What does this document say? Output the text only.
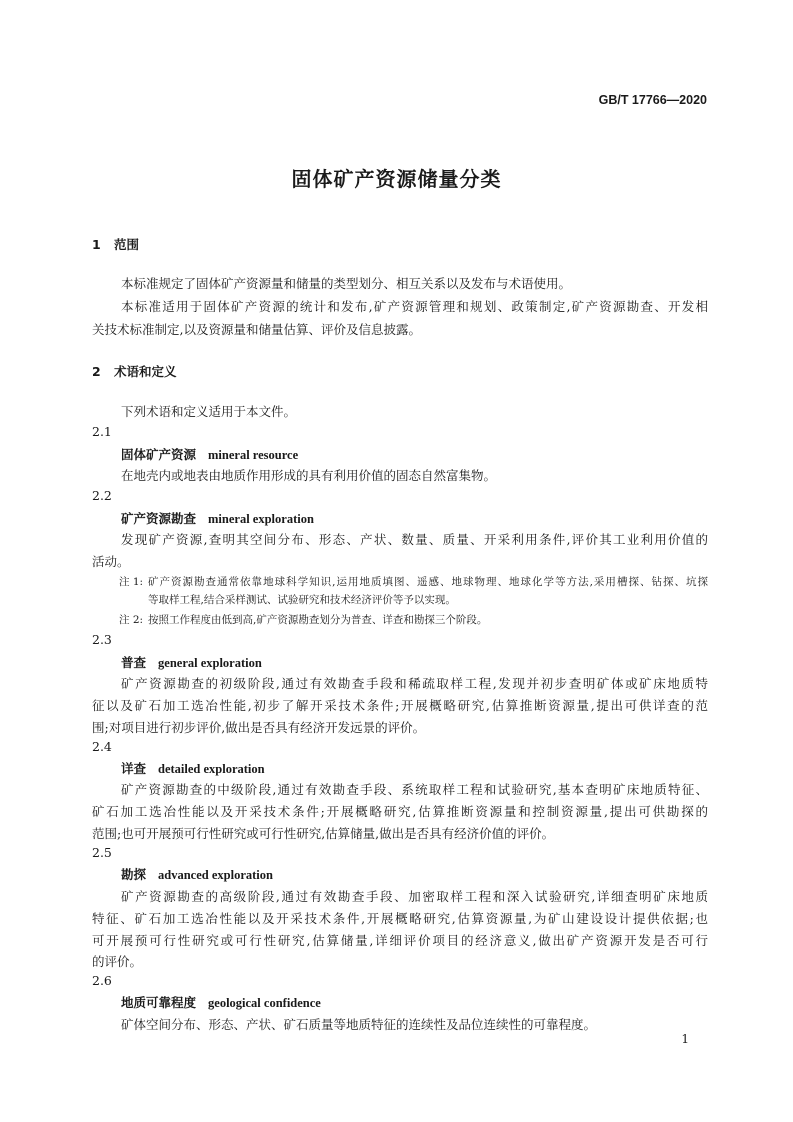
GB/T 17766—2020
固体矿产资源储量分类
1 范围
本标准规定了固体矿产资源量和储量的类型划分、相互关系以及发布与术语使用。
本标准适用于固体矿产资源的统计和发布,矿产资源管理和规划、政策制定,矿产资源勘查、开发相
关技术标准制定,以及资源量和储量估算、评价及信息披露。
2 术语和定义
下列术语和定义适用于本文件。
2.1
固体矿产资源 mineral resource
在地壳内或地表由地质作用形成的具有利用价值的固态自然富集物。
2.2
矿产资源勘查 mineral exploration
发现矿产资源,查明其空间分布、形态、产状、数量、质量、开采利用条件,评价其工业利用价值的
活动。
注 1: 矿产资源勘查通常依靠地球科学知识,运用地质填图、遥感、地球物理、地球化学等方法,采用槽探、钻探、坑探
等取样工程,结合采样测试、试验研究和技术经济评价等予以实现。
注 2: 按照工作程度由低到高,矿产资源勘查划分为普查、详查和勘探三个阶段。
2.3
普查 general exploration
矿产资源勘查的初级阶段,通过有效勘查手段和稀疏取样工程,发现并初步查明矿体或矿床地质特
征以及矿石加工选冶性能,初步了解开采技术条件;开展概略研究,估算推断资源量,提出可供详查的范
围;对项目进行初步评价,做出是否具有经济开发远景的评价。
2.4
详查 detailed exploration
矿产资源勘查的中级阶段,通过有效勘查手段、系统取样工程和试验研究,基本查明矿床地质特征、
矿石加工选冶性能以及开采技术条件;开展概略研究,估算推断资源量和控制资源量,提出可供勘探的
范围;也可开展预可行性研究或可行性研究,估算储量,做出是否具有经济价值的评价。
2.5
勘探 advanced exploration
矿产资源勘查的高级阶段,通过有效勘查手段、加密取样工程和深入试验研究,详细查明矿床地质
特征、矿石加工选冶性能以及开采技术条件,开展概略研究,估算资源量,为矿山建设设计提供依据;也
可开展预可行性研究或可行性研究,估算储量,详细评价项目的经济意义,做出矿产资源开发是否可行
的评价。
2.6
地质可靠程度 geological confidence
矿体空间分布、形态、产状、矿石质量等地质特征的连续性及品位连续性的可靠程度。
1
